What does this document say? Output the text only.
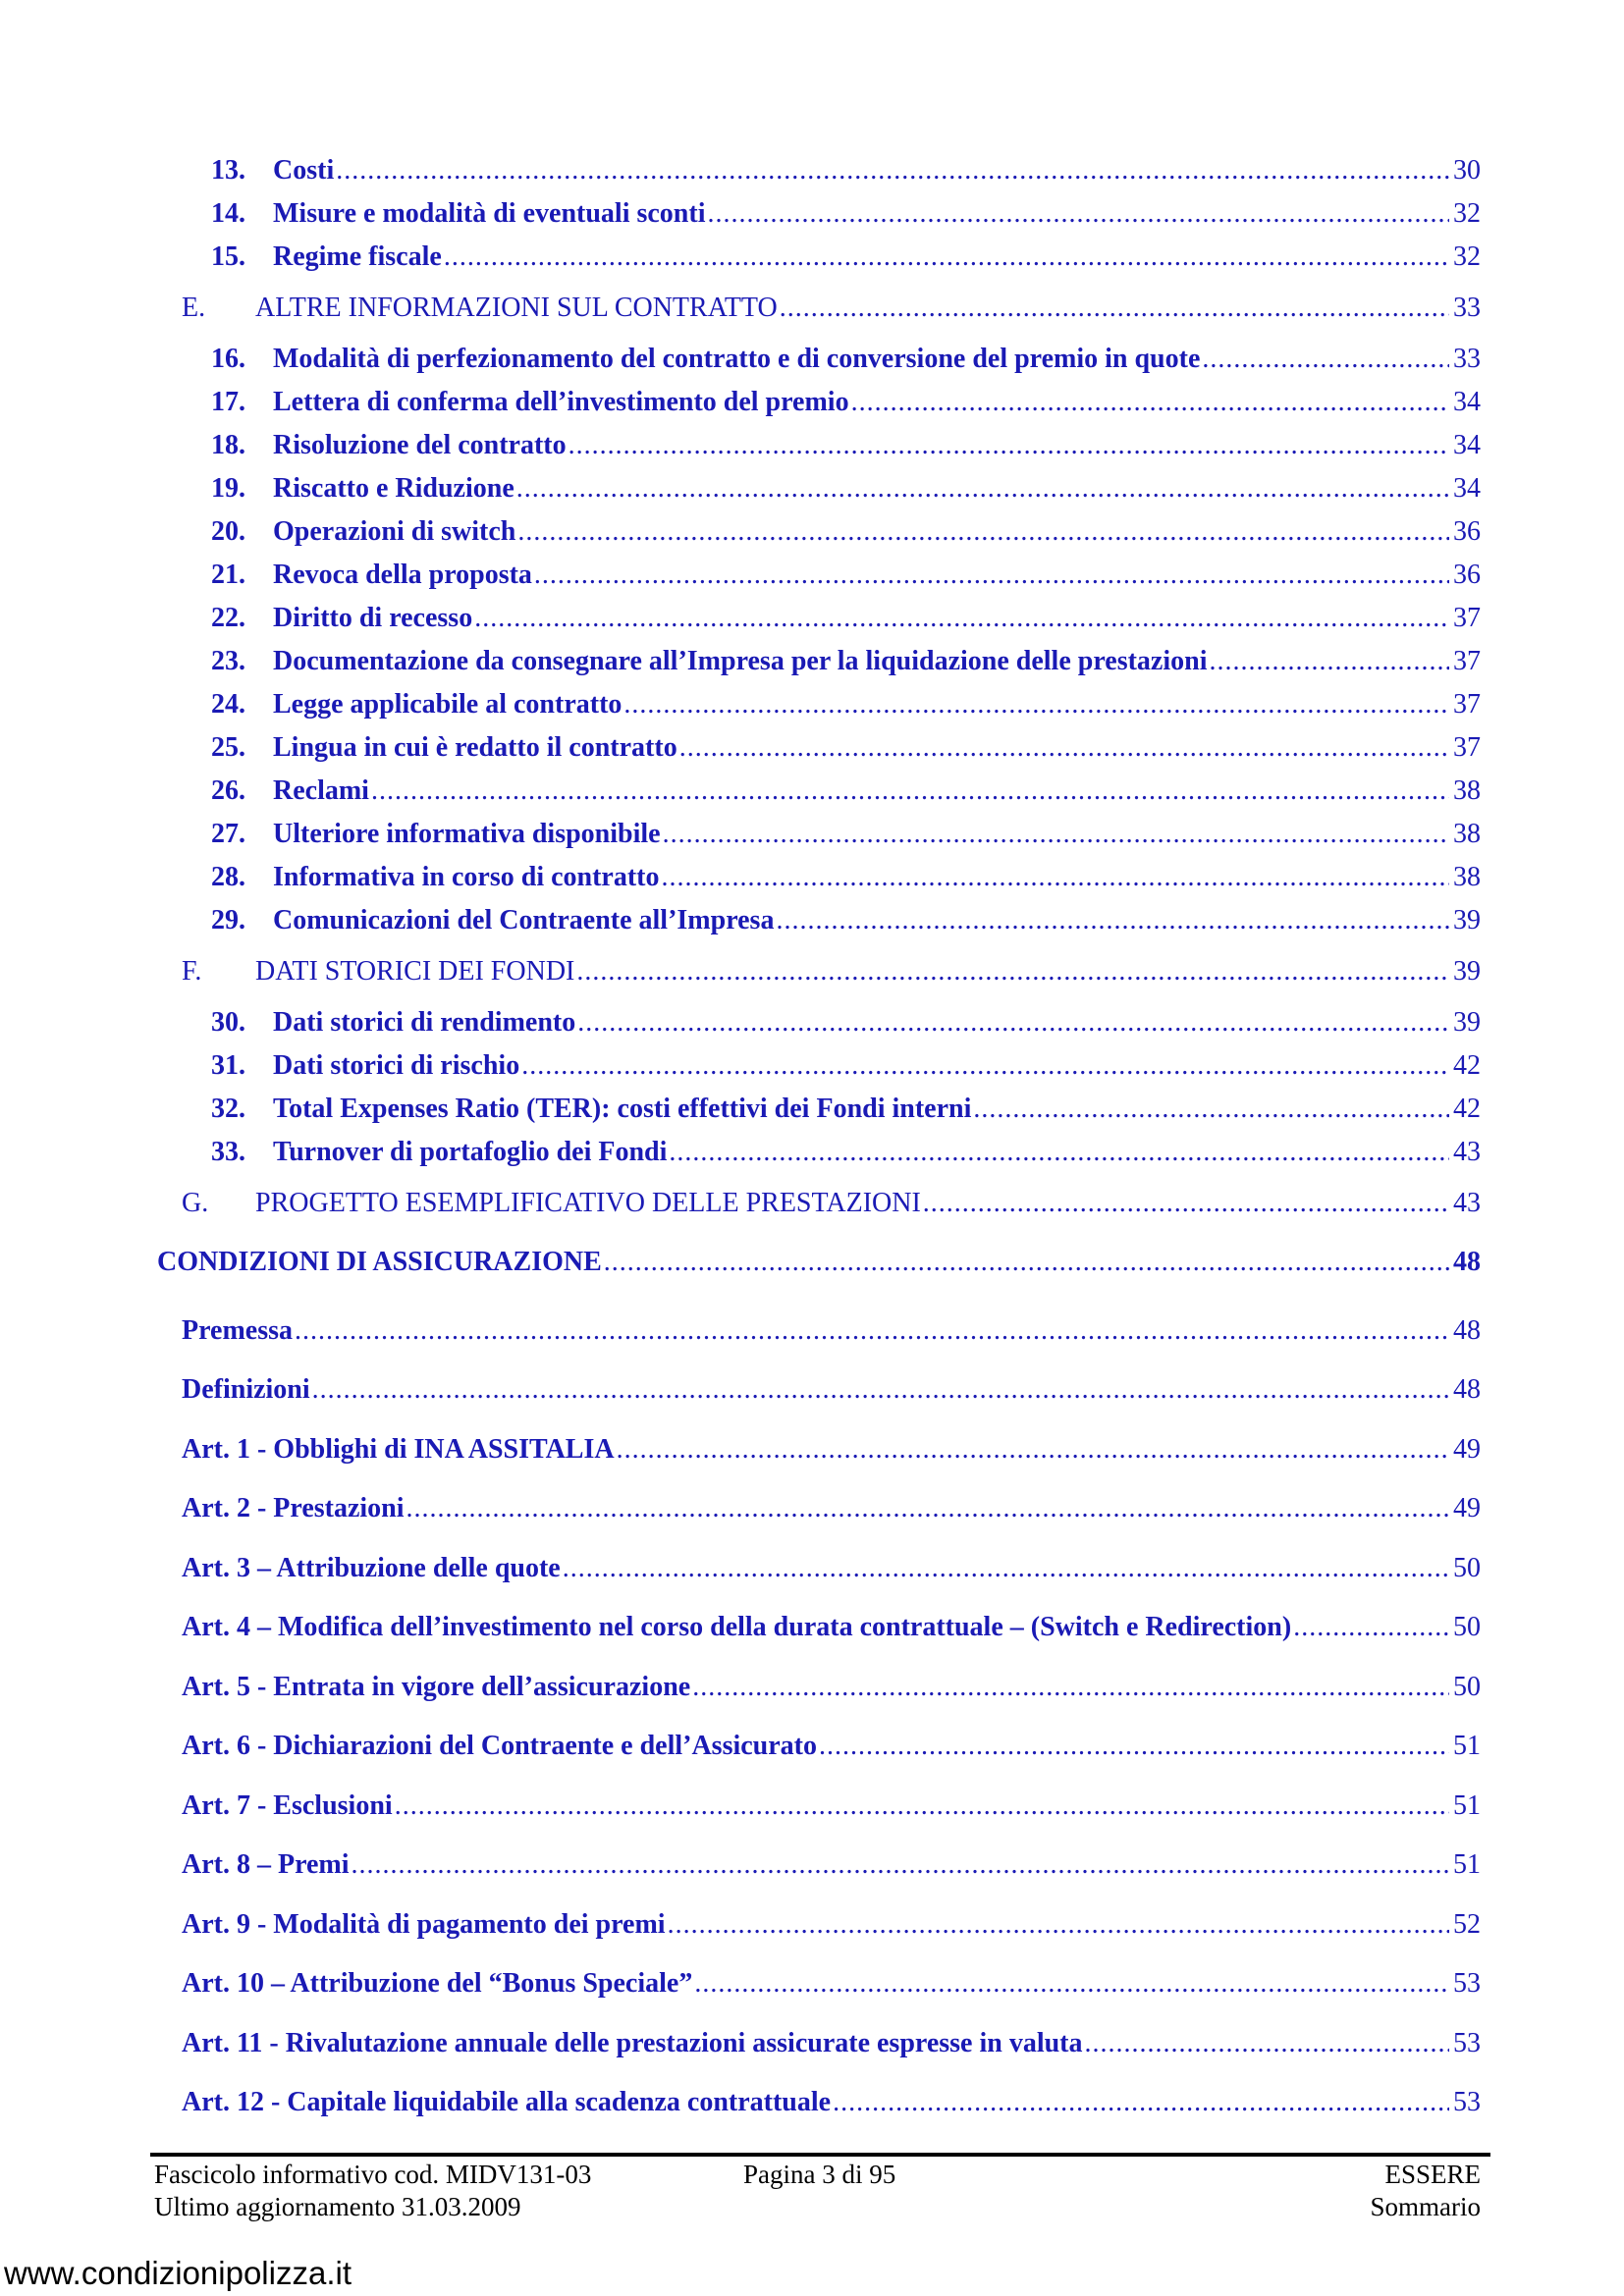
13.	Costi .....	30
14.	Misure e modalità di eventuali sconti .....	32
15.	Regime fiscale .....	32
E.	ALTRE INFORMAZIONI SUL CONTRATTO .....	33
16.	Modalità di perfezionamento del contratto e di conversione del premio in quote .....	33
17.	Lettera di conferma dell’investimento del premio .....	34
18.	Risoluzione del contratto .....	34
19.	Riscatto e Riduzione .....	34
20.	Operazioni di switch .....	36
21.	Revoca della proposta .....	36
22.	Diritto di recesso .....	37
23.	Documentazione da consegnare all’Impresa per la liquidazione delle prestazioni .....	37
24.	Legge applicabile al contratto .....	37
25.	Lingua in cui è redatto il contratto .....	37
26.	Reclami .....	38
27.	Ulteriore informativa disponibile .....	38
28.	Informativa in corso di contratto .....	38
29.	Comunicazioni del Contraente all’Impresa .....	39
F.	DATI STORICI DEI FONDI .....	39
30.	Dati storici di rendimento .....	39
31.	Dati storici di rischio .....	42
32.	Total Expenses Ratio (TER): costi effettivi dei Fondi interni .....	42
33.	Turnover di portafoglio dei Fondi .....	43
G.	PROGETTO ESEMPLIFICATIVO DELLE PRESTAZIONI .....	43
CONDIZIONI DI ASSICURAZIONE .....	48
Premessa .....	48
Definizioni .....	48
Art. 1 - Obblighi di INA ASSITALIA .....	49
Art. 2 - Prestazioni .....	49
Art. 3 – Attribuzione delle quote .....	50
Art. 4 – Modifica dell’investimento nel corso della durata contrattuale – (Switch e Redirection) .....	50
Art. 5 - Entrata in vigore dell’assicurazione .....	50
Art. 6 - Dichiarazioni del Contraente e dell’Assicurato .....	51
Art. 7 - Esclusioni .....	51
Art. 8 – Premi .....	51
Art. 9 - Modalità di pagamento dei premi .....	52
Art. 10 – Attribuzione del “Bonus Speciale” .....	53
Art. 11 - Rivalutazione annuale delle prestazioni assicurate espresse in valuta .....	53
Art. 12 - Capitale liquidabile alla scadenza contrattuale .....	53
Fascicolo informativo cod. MIDV131-03
Ultimo aggiornamento 31.03.2009
Pagina 3 di 95	ESSERE
Sommario
www.condizionipolizza.it
